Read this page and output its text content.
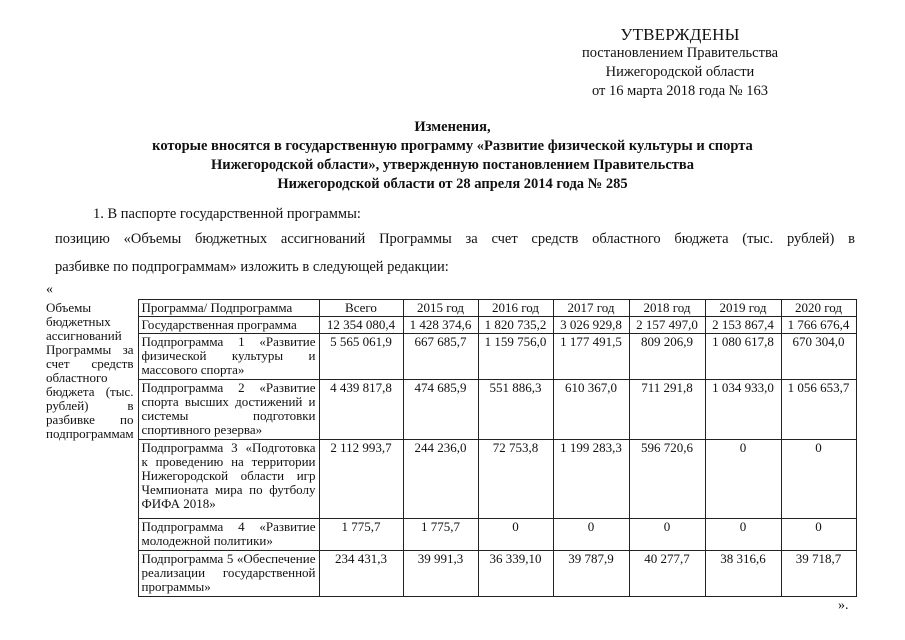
УТВЕРЖДЕНЫ
постановлением Правительства
Нижегородской области
от 16 марта 2018 года № 163
Изменения,
которые вносятся в государственную программу «Развитие физической культуры и спорта
Нижегородской области», утвержденную постановлением Правительства
Нижегородской области от 28 апреля 2014 года № 285
1. В паспорте государственной программы:
позицию «Объемы бюджетных ассигнований Программы за счет средств областного бюджета (тыс. рублей) в
разбивке по подпрограммам» изложить в следующей редакции:
«
Объемы бюджетных ассигнований Программы за счет средств областного бюджета (тыс. рублей) в разбивке по подпрограммам	Программа/ Подпрограмма	Всего	2015 год	2016 год	2017 год	2018 год	2019 год	2020 год
	Государственная программа	12 354 080,4	1 428 374,6	1 820 735,2	3 026 929,8	2 157 497,0	2 153 867,4	1 766 676,4
	Подпрограмма 1 «Развитие физической культуры и массового спорта»	5 565 061,9	667 685,7	1 159 756,0	1 177 491,5	809 206,9	1 080 617,8	670 304,0
	Подпрограмма 2 «Развитие спорта высших достижений и системы подготовки спортивного резерва»	4 439 817,8	474 685,9	551 886,3	610 367,0	711 291,8	1 034 933,0	1 056 653,7
	Подпрограмма 3 «Подготовка к проведению на территории Нижегородской области игр Чемпионата мира по футболу ФИФА 2018»	2 112 993,7	244 236,0	72 753,8	1 199 283,3	596 720,6	0	0
	Подпрограмма 4 «Развитие молодежной политики»	1 775,7	1 775,7	0	0	0	0	0
	Подпрограмма 5 «Обеспечение реализации государственной программы»	234 431,3	39 991,3	36 339,10	39 787,9	40 277,7	38 316,6	39 718,7
».
